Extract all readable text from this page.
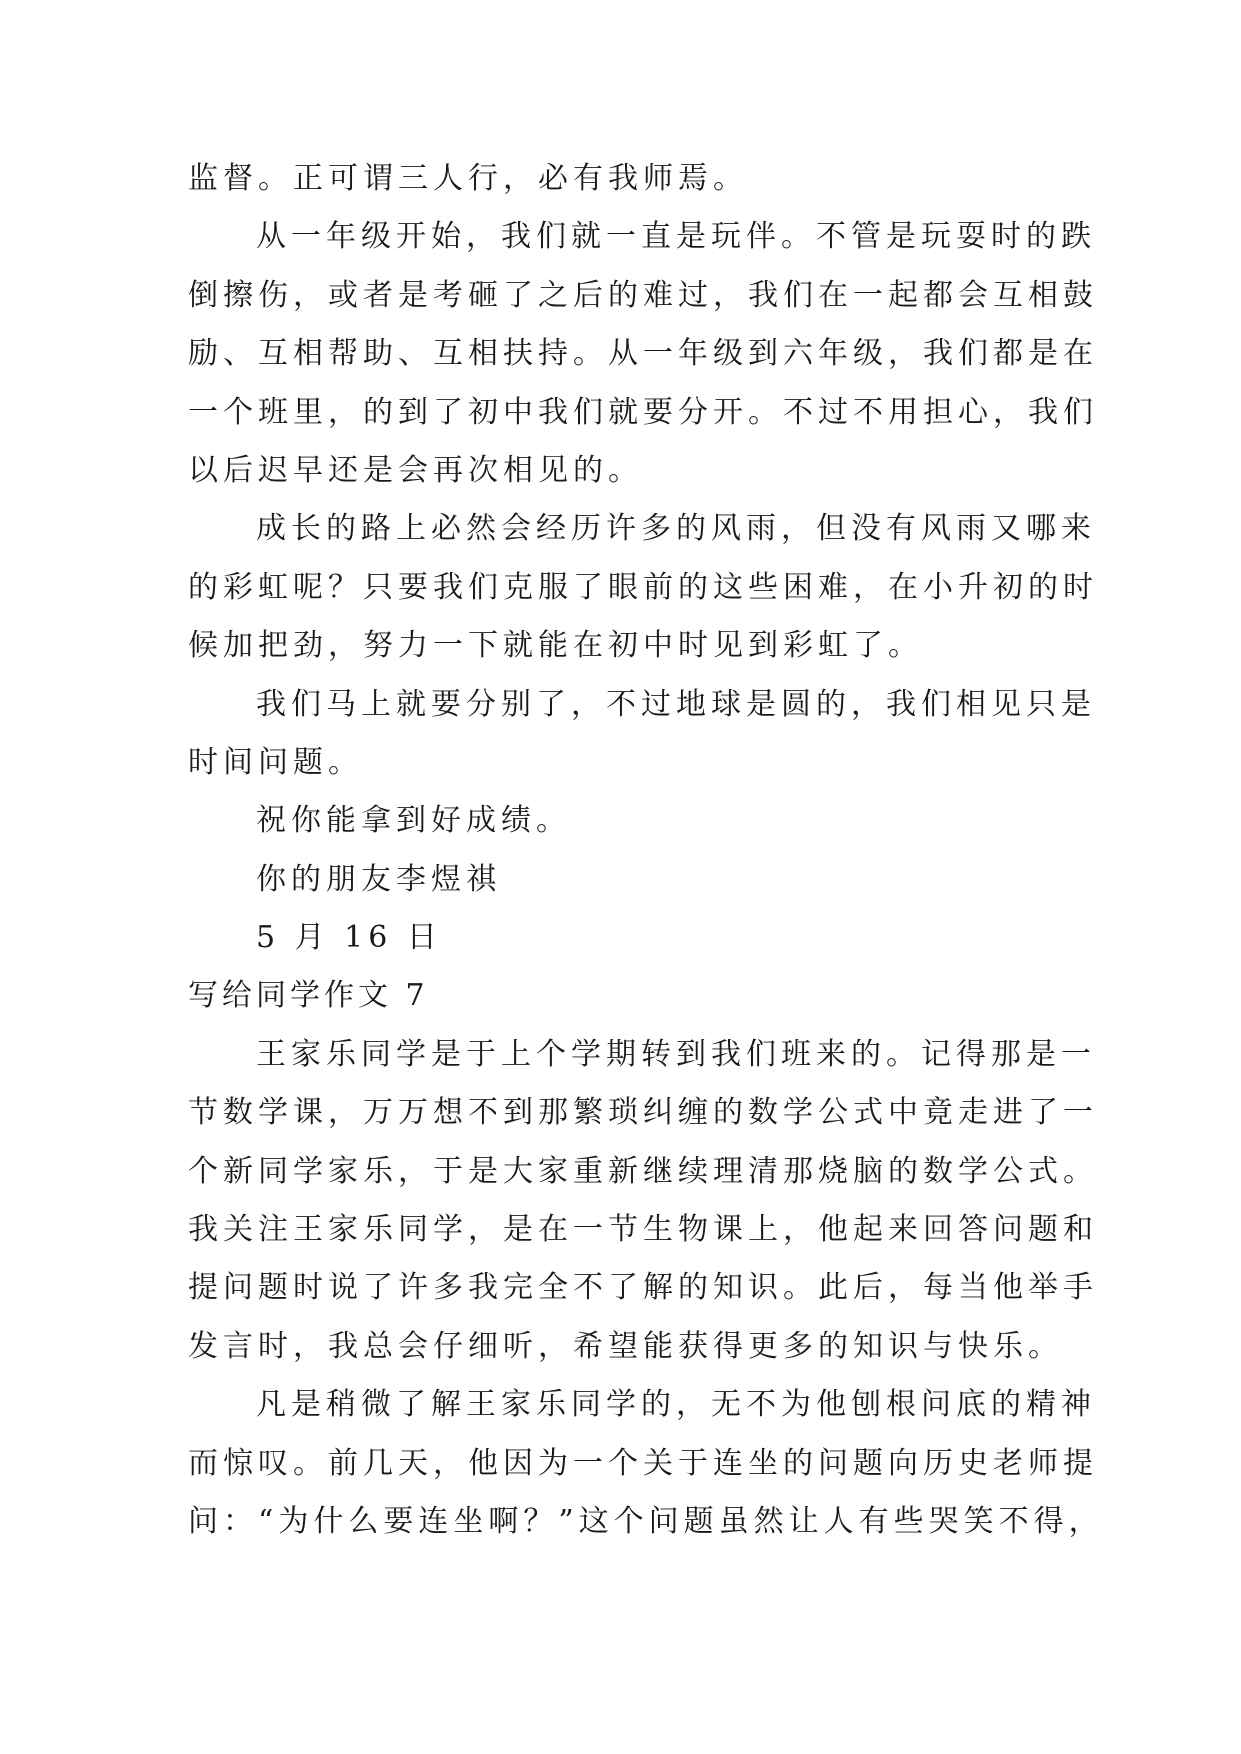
监督。正可谓三人行，必有我师焉。
从一年级开始，我们就一直是玩伴。不管是玩耍时的跌
倒擦伤，或者是考砸了之后的难过，我们在一起都会互相鼓
励、互相帮助、互相扶持。从一年级到六年级，我们都是在
一个班里，的到了初中我们就要分开。不过不用担心，我们
以后迟早还是会再次相见的。
成长的路上必然会经历许多的风雨，但没有风雨又哪来
的彩虹呢？只要我们克服了眼前的这些困难，在小升初的时
候加把劲，努力一下就能在初中时见到彩虹了。
我们马上就要分别了，不过地球是圆的，我们相见只是
时间问题。
祝你能拿到好成绩。
你的朋友李煜祺
5 月 16 日
写给同学作文 7
王家乐同学是于上个学期转到我们班来的。记得那是一
节数学课，万万想不到那繁琐纠缠的数学公式中竟走进了一
个新同学家乐，于是大家重新继续理清那烧脑的数学公式。
我关注王家乐同学，是在一节生物课上，他起来回答问题和
提问题时说了许多我完全不了解的知识。此后，每当他举手
发言时，我总会仔细听，希望能获得更多的知识与快乐。
凡是稍微了解王家乐同学的，无不为他刨根问底的精神
而惊叹。前几天，他因为一个关于连坐的问题向历史老师提
问：“为什么要连坐啊？”这个问题虽然让人有些哭笑不得，
